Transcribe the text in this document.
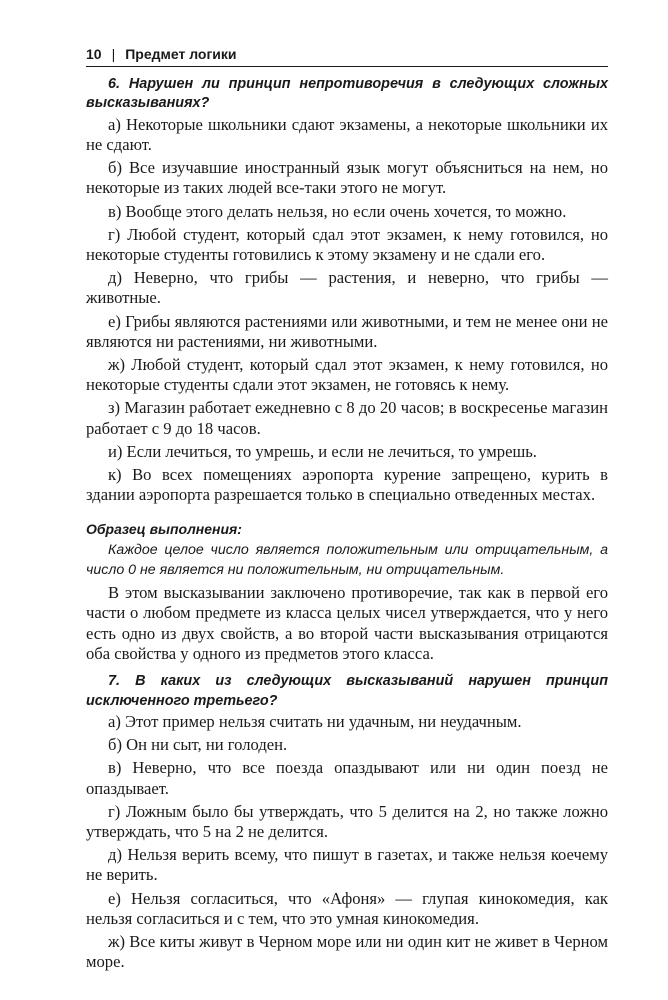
10 | Предмет логики

6. Нарушен ли принцип непротиворечия в следующих сложных высказываниях?

а) Некоторые школьники сдают экзамены, а некоторые школьники их не сдают.

б) Все изучавшие иностранный язык могут объясниться на нем, но некоторые из таких людей все-таки этого не могут.

в) Вообще этого делать нельзя, но если очень хочется, то можно.

г) Любой студент, который сдал этот экзамен, к нему готовился, но некоторые студенты готовились к этому экзамену и не сдали его.

д) Неверно, что грибы — растения, и неверно, что грибы — животные.

е) Грибы являются растениями или животными, и тем не менее они не являются ни растениями, ни животными.

ж) Любой студент, который сдал этот экзамен, к нему готовился, но некоторые студенты сдали этот экзамен, не готовясь к нему.

з) Магазин работает ежедневно с 8 до 20 часов; в воскресенье магазин работает с 9 до 18 часов.

и) Если лечиться, то умрешь, и если не лечиться, то умрешь.

к) Во всех помещениях аэропорта курение запрещено, курить в здании аэропорта разрешается только в специально отведенных местах.

Образец выполнения:

Каждое целое число является положительным или отрицательным, а число 0 не является ни положительным, ни отрицательным.

В этом высказывании заключено противоречие, так как в первой его части о любом предмете из класса целых чисел утверждается, что у него есть одно из двух свойств, а во второй части высказывания отрицаются оба свойства у одного из предметов этого класса.

7. В каких из следующих высказываний нарушен принцип исключенного третьего?

а) Этот пример нельзя считать ни удачным, ни неудачным.

б) Он ни сыт, ни голоден.

в) Неверно, что все поезда опаздывают или ни один поезд не опаздывает.

г) Ложным было бы утверждать, что 5 делится на 2, но также ложно утверждать, что 5 на 2 не делится.

д) Нельзя верить всему, что пишут в газетах, и также нельзя коечему не верить.

е) Нельзя согласиться, что «Афоня» — глупая кинокомедия, как нельзя согласиться и с тем, что это умная кинокомедия.

ж) Все киты живут в Черном море или ни один кит не живет в Черном море.
